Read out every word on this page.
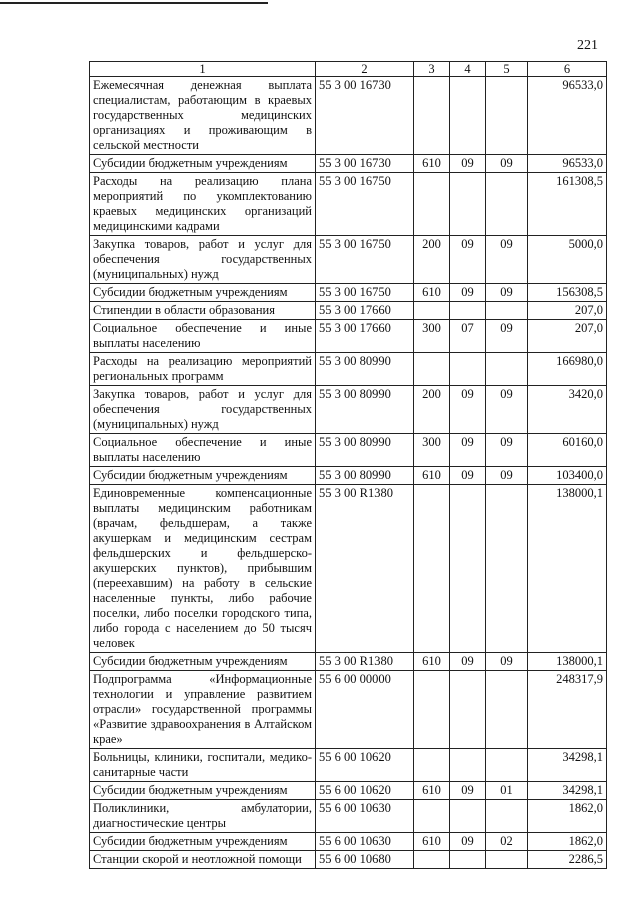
221
1	2	3	4	5	6
Ежемесячная денежная выплата специалистам, работающим в краевых государственных медицинских организациях и проживающим в сельской местности	55 3 00 16730				96533,0
Субсидии бюджетным учреждениям	55 3 00 16730	610	09	09	96533,0
Расходы на реализацию плана мероприятий по укомплектованию краевых медицинских организаций медицинскими кадрами	55 3 00 16750				161308,5
Закупка товаров, работ и услуг для обеспечения государственных (муниципальных) нужд	55 3 00 16750	200	09	09	5000,0
Субсидии бюджетным учреждениям	55 3 00 16750	610	09	09	156308,5
Стипендии в области образования	55 3 00 17660				207,0
Социальное обеспечение и иные выплаты населению	55 3 00 17660	300	07	09	207,0
Расходы на реализацию мероприятий региональных программ	55 3 00 80990				166980,0
Закупка товаров, работ и услуг для обеспечения государственных (муниципальных) нужд	55 3 00 80990	200	09	09	3420,0
Социальное обеспечение и иные выплаты населению	55 3 00 80990	300	09	09	60160,0
Субсидии бюджетным учреждениям	55 3 00 80990	610	09	09	103400,0
Единовременные компенсационные выплаты медицинским работникам (врачам, фельдшерам, а также акушеркам и медицинским сестрам фельдшерских и фельдшерско-акушерских пунктов), прибывшим (переехавшим) на работу в сельские населенные пункты, либо рабочие поселки, либо поселки городского типа, либо города с населением до 50 тысяч человек	55 3 00 R1380				138000,1
Субсидии бюджетным учреждениям	55 3 00 R1380	610	09	09	138000,1
Подпрограмма «Информационные технологии и управление развитием отрасли» государственной программы «Развитие здравоохранения в Алтайском крае»	55 6 00 00000				248317,9
Больницы, клиники, госпитали, медико-санитарные части	55 6 00 10620				34298,1
Субсидии бюджетным учреждениям	55 6 00 10620	610	09	01	34298,1
Поликлиники, амбулатории, диагностические центры	55 6 00 10630				1862,0
Субсидии бюджетным учреждениям	55 6 00 10630	610	09	02	1862,0
Станции скорой и неотложной помощи	55 6 00 10680				2286,5
